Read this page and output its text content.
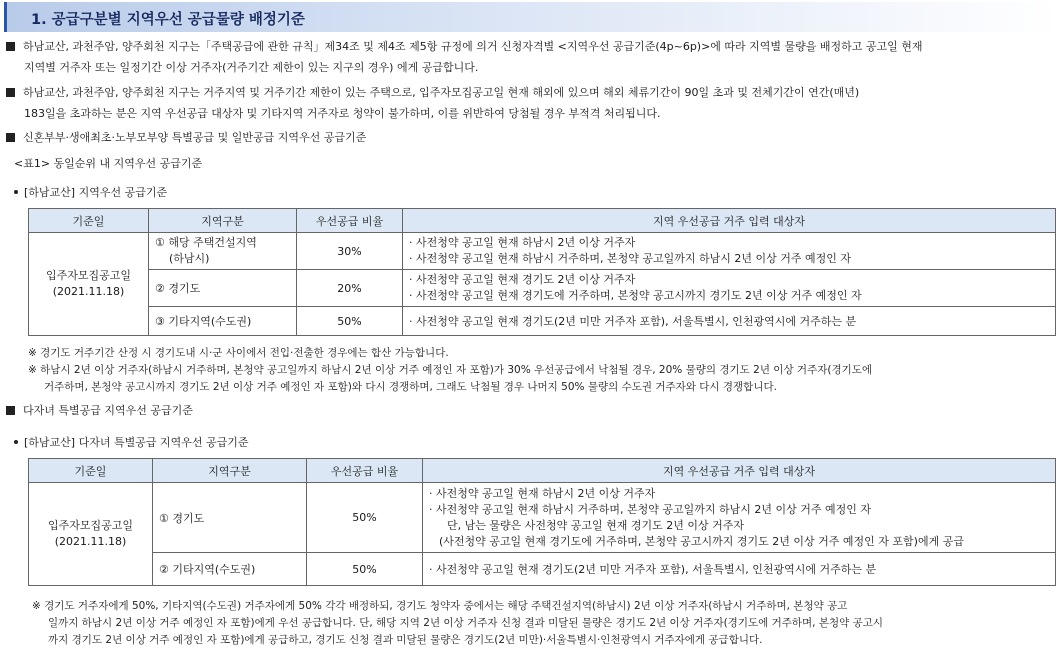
1. 공급구분별 지역우선 공급물량 배정기준
하남교산, 과천주암, 양주회천 지구는「주택공급에 관한 규칙」제34조 및 제4조 제5항 규정에 의거 신청자격별 <지역우선 공급기준(4p~6p)>에 따라 지역별 물량을 배정하고 공고일 현재
지역별 거주자 또는 일정기간 이상 거주자(거주기간 제한이 있는 지구의 경우) 에게 공급합니다.
하남교산, 과천주암, 양주회천 지구는 거주지역 및 거주기간 제한이 있는 주택으로, 입주자모집공고일 현재 해외에 있으며 해외 체류기간이 90일 초과 및 전체기간이 연간(매년)
183일을 초과하는 분은 지역 우선공급 대상자 및 기타지역 거주자로 청약이 불가하며, 이를 위반하여 당첨될 경우 부적격 처리됩니다.
신혼부부·생애최초·노부모부양 특별공급 및 일반공급 지역우선 공급기준
<표1> 동일순위 내 지역우선 공급기준
[하남교산] 지역우선 공급기준
기준일	지역구분	우선공급 비율	지역 우선공급 거주 입력 대상자

입주자모집공고일
(2021.11.18)	① 해당 주택건설지역
(하남시)	30%	· 사전청약 공고일 현재 하남시 2년 이상 거주자
· 사전청약 공고일 현재 하남시 거주하며, 본청약 공고일까지 하남시 2년 이상 거주 예정인 자

	② 경기도	20%	· 사전청약 공고일 현재 경기도 2년 이상 거주자
· 사전청약 공고일 현재 경기도에 거주하며, 본청약 공고시까지 경기도 2년 이상 거주 예정인 자

	③ 기타지역(수도권)	50%	· 사전청약 공고일 현재 경기도(2년 미만 거주자 포함), 서울특별시, 인천광역시에 거주하는 분
※ 경기도 거주기간 산정 시 경기도내 시·군 사이에서 전입·전출한 경우에는 합산 가능합니다.
※ 하남시 2년 이상 거주자(하남시 거주하며, 본청약 공고일까지 하남시 2년 이상 거주 예정인 자 포함)가 30% 우선공급에서 낙첨될 경우, 20% 물량의 경기도 2년 이상 거주자(경기도에
거주하며, 본청약 공고시까지 경기도 2년 이상 거주 예정인 자 포함)와 다시 경쟁하며, 그래도 낙첨될 경우 나머지 50% 물량의 수도권 거주자와 다시 경쟁합니다.
다자녀 특별공급 지역우선 공급기준
[하남교산] 다자녀 특별공급 지역우선 공급기준
기준일	지역구분	우선공급 비율	지역 우선공급 거주 입력 대상자

입주자모집공고일
(2021.11.18)	① 경기도	50%	· 사전청약 공고일 현재 하남시 2년 이상 거주자
· 사전청약 공고일 현재 하남시 거주하며, 본청약 공고일까지 하남시 2년 이상 거주 예정인 자
단, 남는 물량은 사전청약 공고일 현재 경기도 2년 이상 거주자
(사전청약 공고일 현재 경기도에 거주하며, 본청약 공고시까지 경기도 2년 이상 거주 예정인 자 포함)에게 공급

	② 기타지역(수도권)	50%	· 사전청약 공고일 현재 경기도(2년 미만 거주자 포함), 서울특별시, 인천광역시에 거주하는 분
※ 경기도 거주자에게 50%, 기타지역(수도권) 거주자에게 50% 각각 배정하되, 경기도 청약자 중에서는 해당 주택건설지역(하남시) 2년 이상 거주자(하남시 거주하며, 본청약 공고
일까지 하남시 2년 이상 거주 예정인 자 포함)에게 우선 공급합니다. 단, 해당 지역 2년 이상 거주자 신청 결과 미달된 물량은 경기도 2년 이상 거주자(경기도에 거주하며, 본청약 공고시
까지 경기도 2년 이상 거주 예정인 자 포함)에게 공급하고, 경기도 신청 결과 미달된 물량은 경기도(2년 미만)·서울특별시·인천광역시 거주자에게 공급합니다.
